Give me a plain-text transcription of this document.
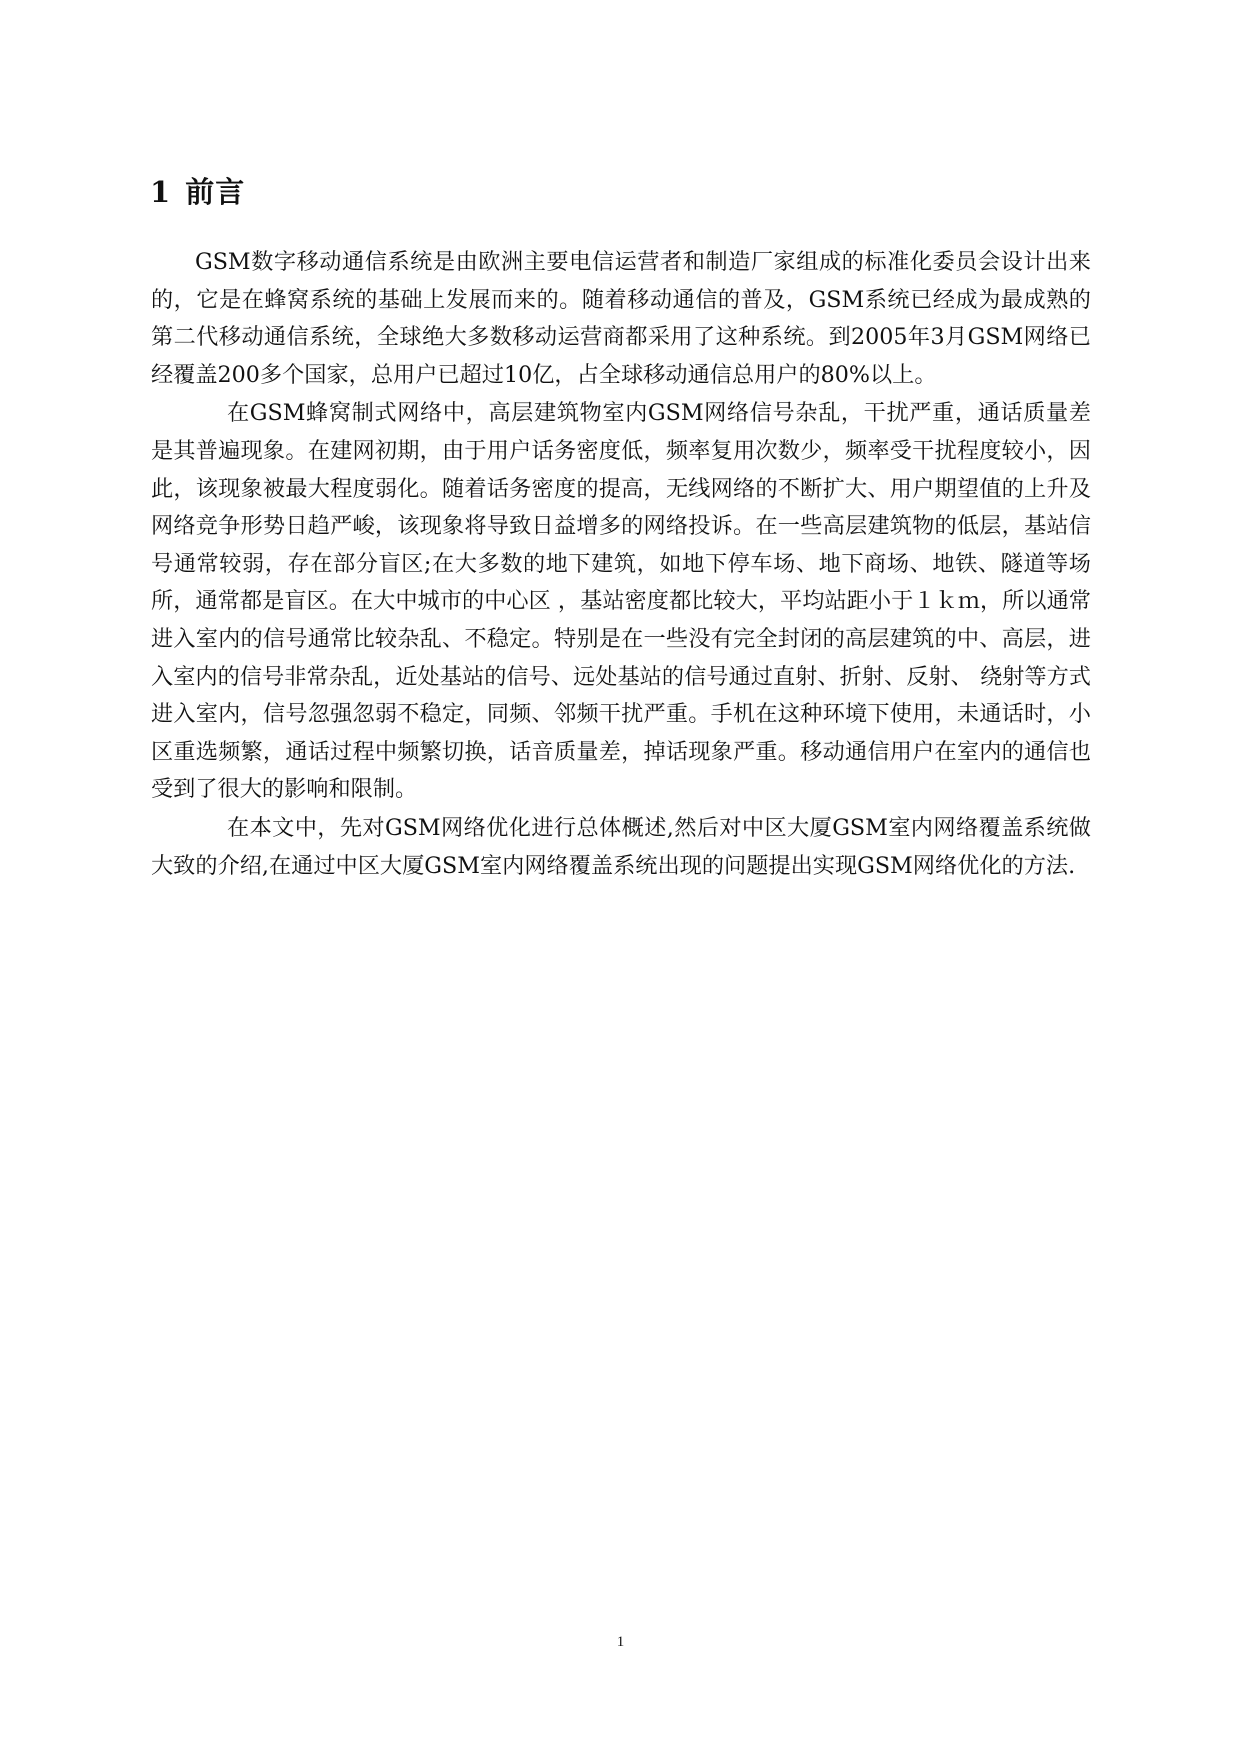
1 前言

GSM数字移动通信系统是由欧洲主要电信运营者和制造厂家组成的标准化委员会设计出来的，它是在蜂窝系统的基础上发展而来的。随着移动通信的普及，GSM系统已经成为最成熟的第二代移动通信系统，全球绝大多数移动运营商都采用了这种系统。到2005年3月GSM网络已经覆盖200多个国家，总用户已超过10亿，占全球移动通信总用户的80%以上。

在GSM蜂窝制式网络中，高层建筑物室内GSM网络信号杂乱，干扰严重，通话质量差是其普遍现象。在建网初期，由于用户话务密度低，频率复用次数少，频率受干扰程度较小，因此，该现象被最大程度弱化。随着话务密度的提高，无线网络的不断扩大、用户期望值的上升及网络竞争形势日趋严峻，该现象将导致日益增多的网络投诉。在一些高层建筑物的低层，基站信号通常较弱，存在部分盲区;在大多数的地下建筑，如地下停车场、地下商场、地铁、隧道等场所，通常都是盲区。在大中城市的中心区 ，基站密度都比较大，平均站距小于１ｋｍ，所以通常进入室内的信号通常比较杂乱、不稳定。特别是在一些没有完全封闭的高层建筑的中、高层，进入室内的信号非常杂乱，近处基站的信号、远处基站的信号通过直射、折射、反射、 绕射等方式进入室内，信号忽强忽弱不稳定，同频、邻频干扰严重。手机在这种环境下使用，未通话时，小区重选频繁，通话过程中频繁切换，话音质量差，掉话现象严重。移动通信用户在室内的通信也受到了很大的影响和限制。

在本文中，先对GSM网络优化进行总体概述,然后对中区大厦GSM室内网络覆盖系统做大致的介绍,在通过中区大厦GSM室内网络覆盖系统出现的问题提出实现GSM网络优化的方法.

1
